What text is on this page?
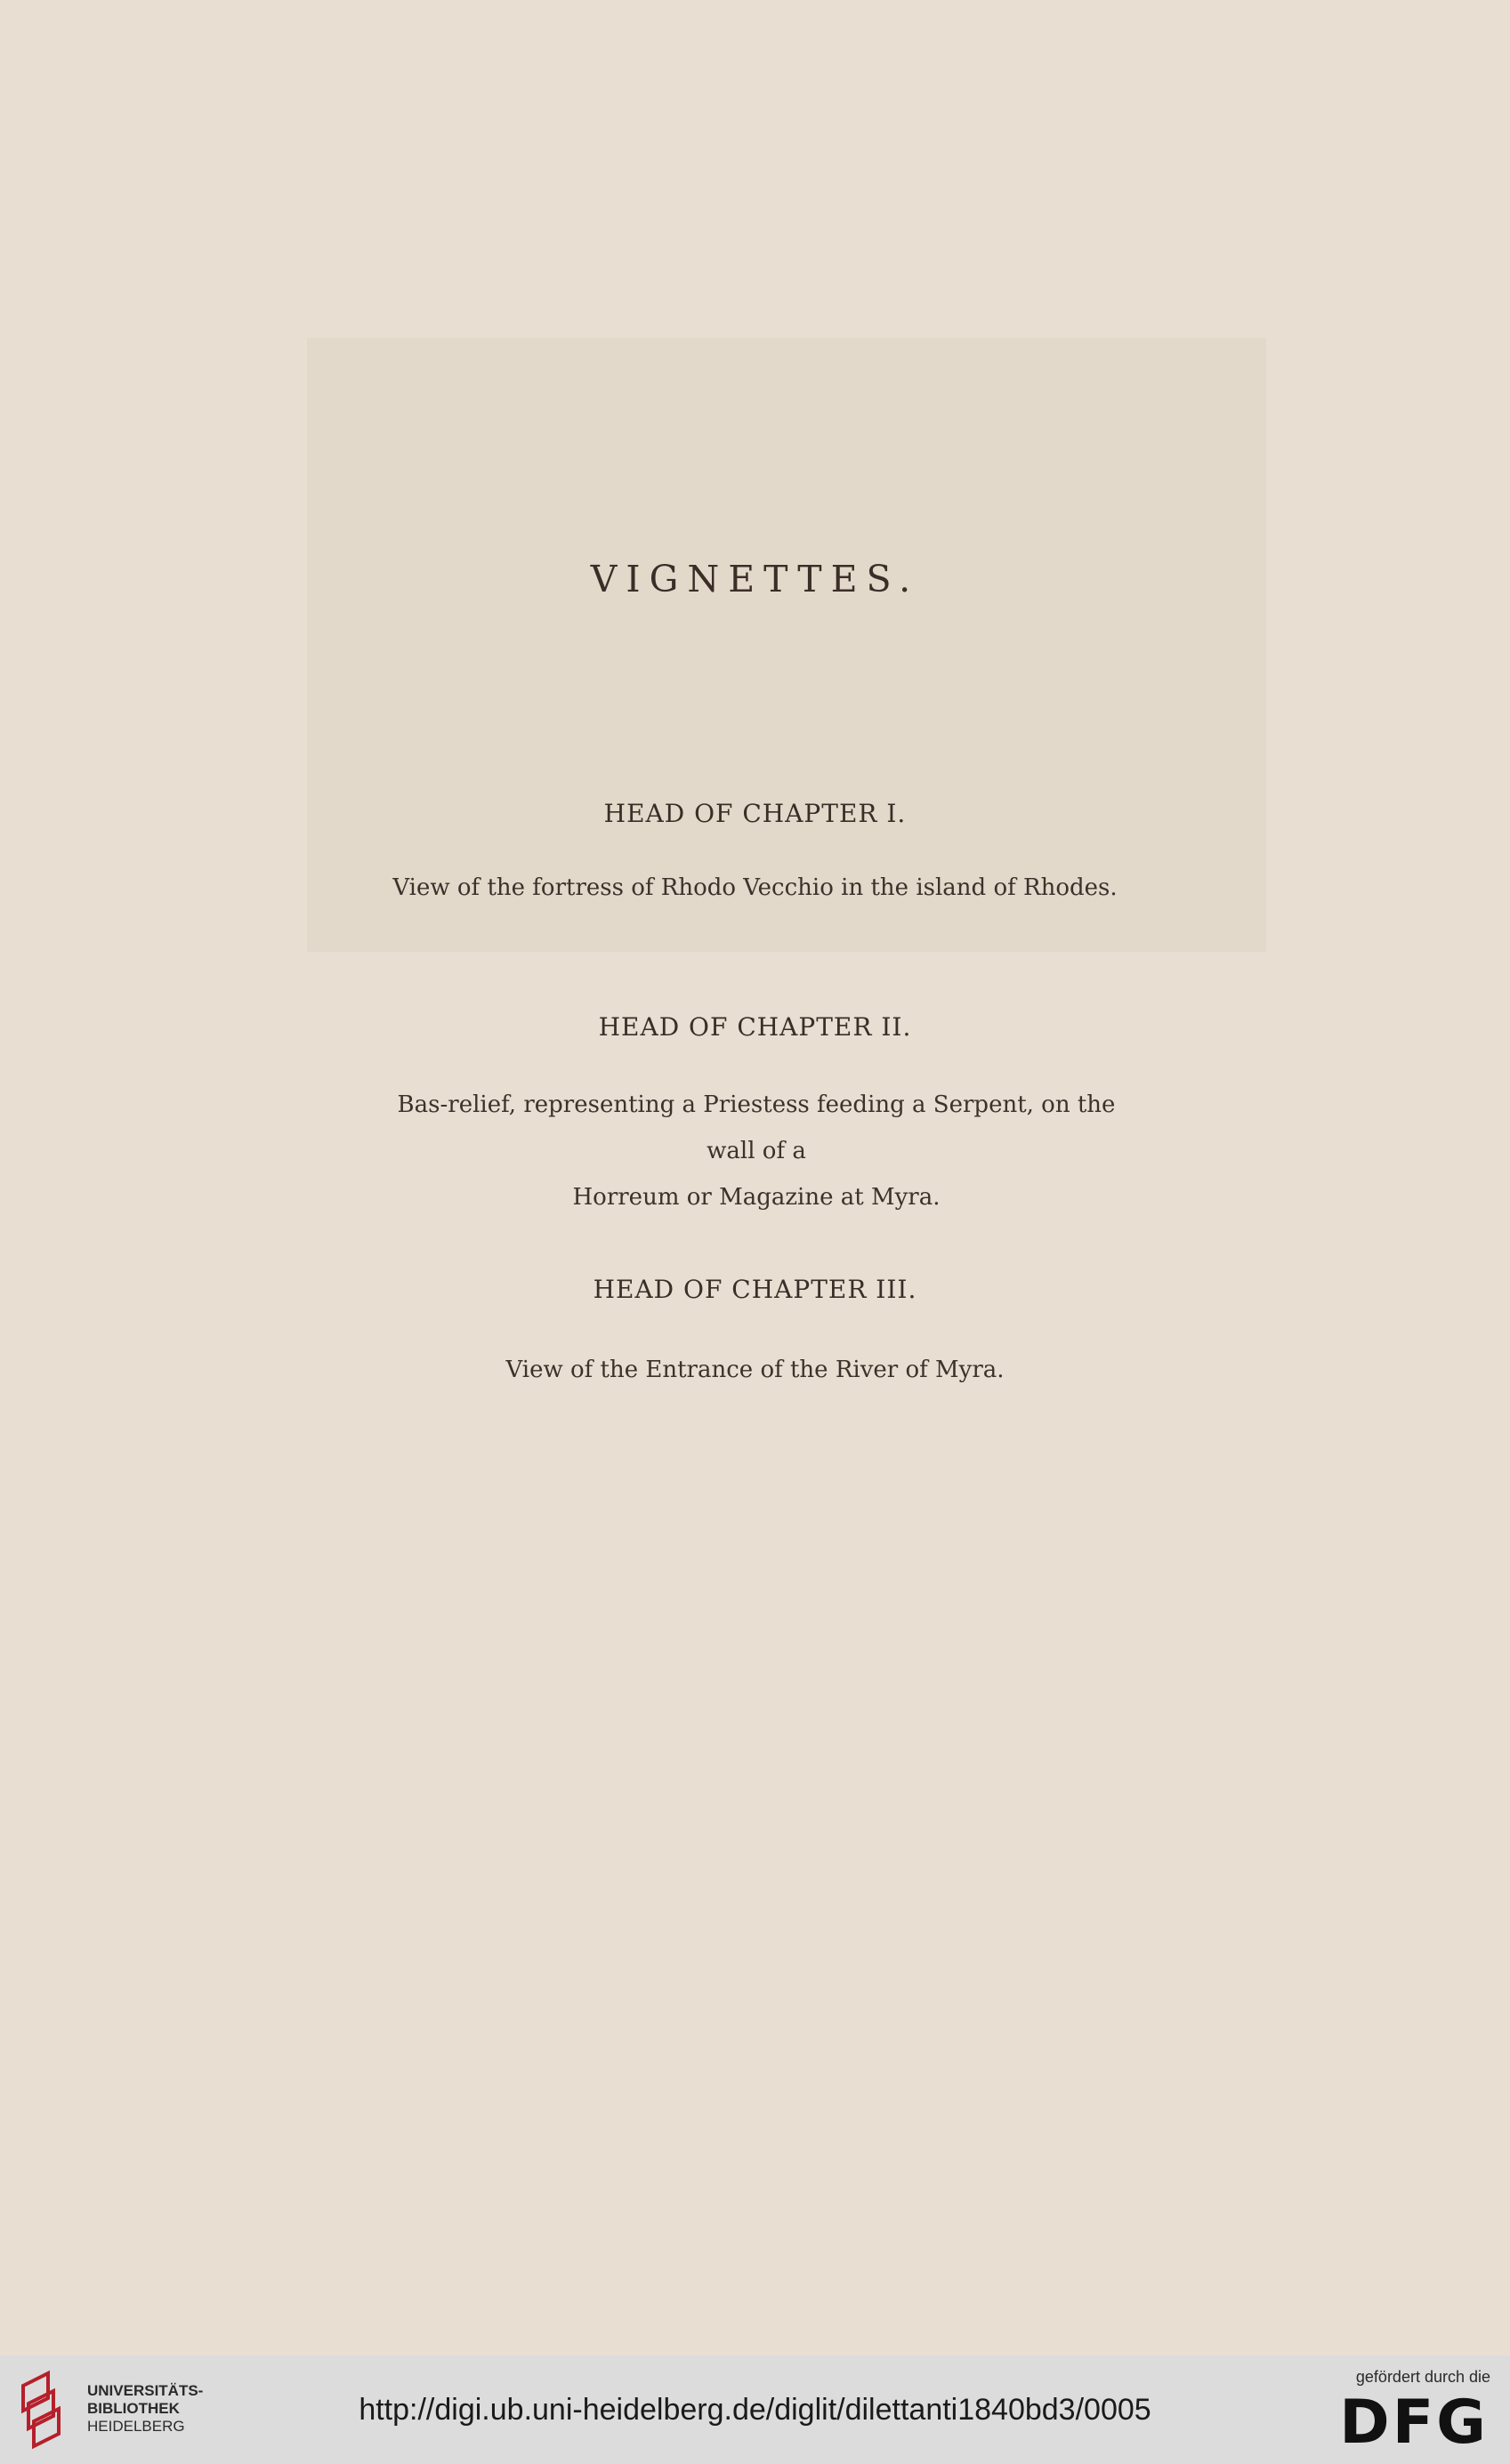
VIGNETTES.
HEAD OF CHAPTER I.
View of the fortress of Rhodo Vecchio in the island of Rhodes.
HEAD OF CHAPTER II.
Bas-relief, representing a Priestess feeding a Serpent, on the wall of a
Horreum or Magazine at Myra.
HEAD OF CHAPTER III.
View of the Entrance of the River of Myra.
UNIVERSITÄTS-
BIBLIOTHEK
HEIDELBERG	http://digi.ub.uni-heidelberg.de/diglit/dilettanti1840bd3/0005
gefördert durch die
DFG
